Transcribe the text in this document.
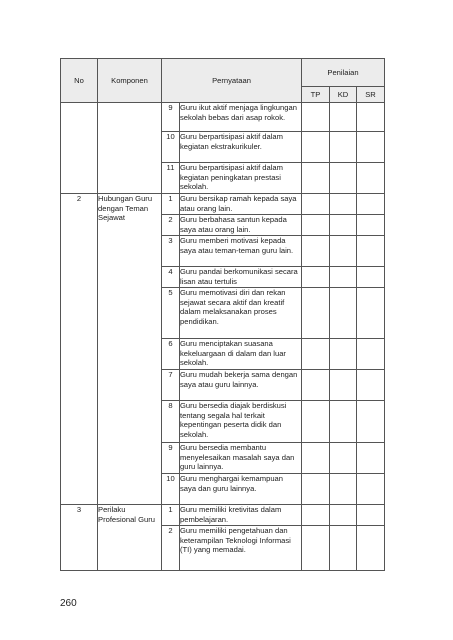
No	Komponen	Pernyataan		Penilaian		
				TP	KD	SR
		9	Guru ikut aktif menjaga lingkungan sekolah bebas dari asap rokok.			
		10	Guru berpartisipasi aktif dalam kegiatan ekstrakurikuler.			
		11	Guru berpartisipasi aktif dalam kegiatan peningkatan prestasi sekolah.			
2	Hubungan Guru dengan Teman Sejawat	1	Guru bersikap ramah kepada saya atau orang lain.			
		2	Guru berbahasa santun kepada saya atau orang lain.			
		3	Guru memberi motivasi kepada saya atau teman-teman guru lain.			
		4	Guru pandai berkomunikasi secara lisan atau tertulis			
		5	Guru memotivasi diri dan rekan sejawat secara aktif dan kreatif dalam melaksanakan proses pendidikan.			
		6	Guru menciptakan suasana kekeluargaan di dalam dan luar sekolah.			
		7	Guru mudah bekerja sama dengan saya atau guru lainnya.			
		8	Guru bersedia diajak berdiskusi tentang segala hal terkait kepentingan peserta didik dan sekolah.			
		9	Guru bersedia membantu menyelesaikan masalah saya dan guru lainnya.			
		10	Guru menghargai kemampuan saya dan guru lainnya.			
3	Perilaku Profesional Guru	1	Guru memiliki kretivitas dalam pembelajaran.			
		2	Guru memiliki pengetahuan dan keterampilan Teknologi Informasi (TI) yang memadai.			
260
